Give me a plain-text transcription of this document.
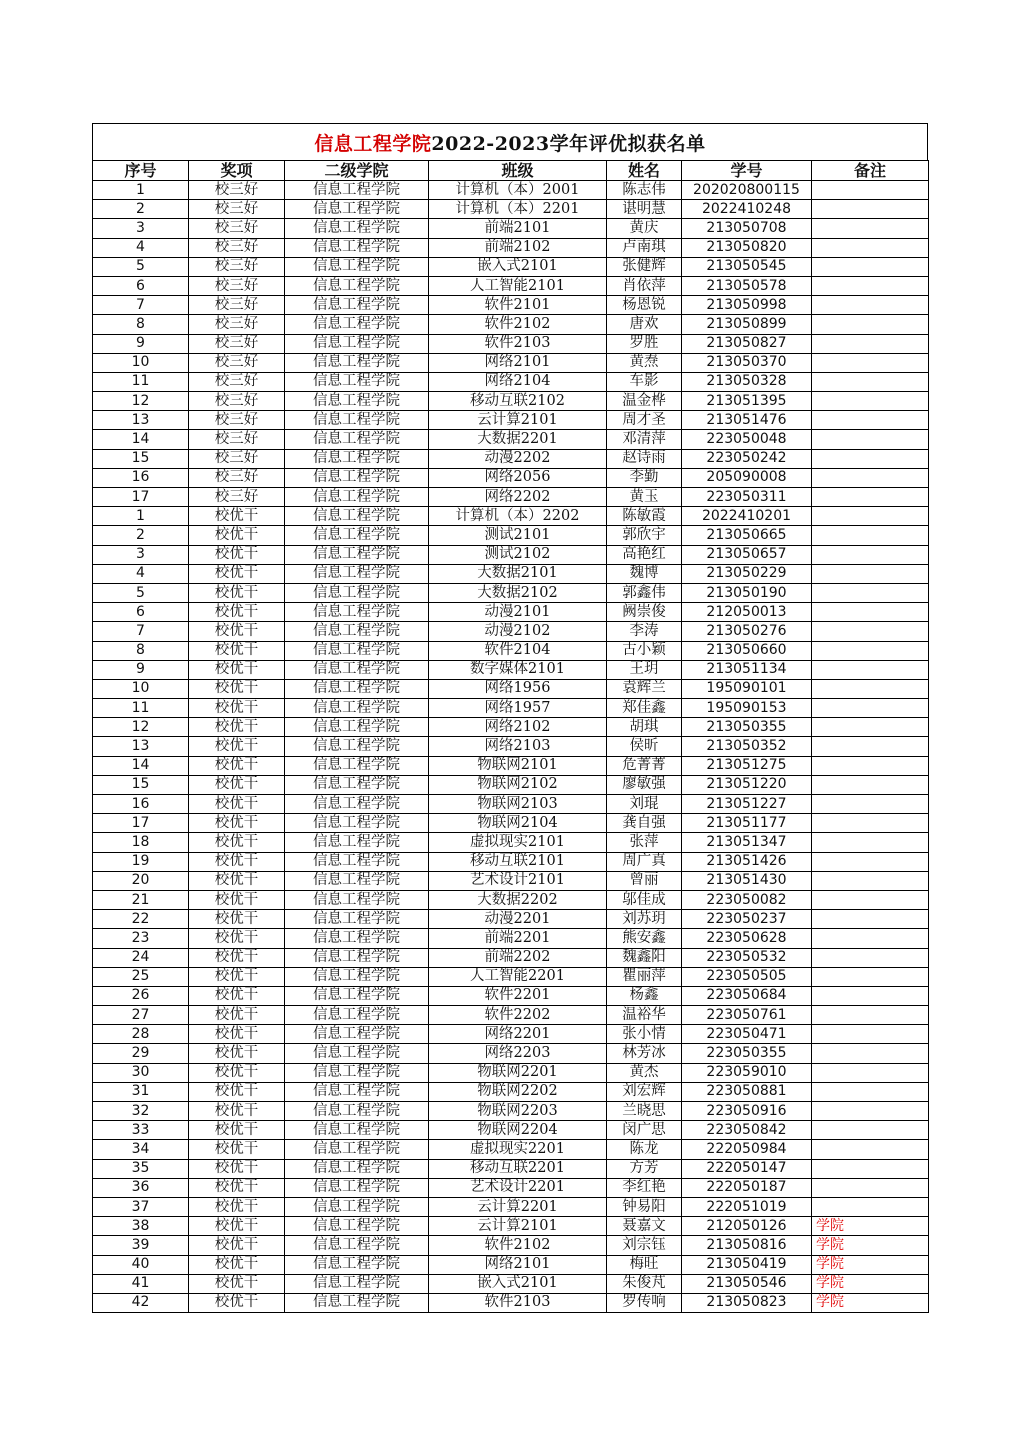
信息工程学院 2022-2023学年评优拟获名单
序号	奖项	二级学院	班级	姓名	学号	备注
1	校三好	信息工程学院	计算机（本）2001	陈志伟	202020800115	
2	校三好	信息工程学院	计算机（本）2201	谌明慧	2022410248	
3	校三好	信息工程学院	前端2101	黄庆	213050708	
4	校三好	信息工程学院	前端2102	卢南琪	213050820	
5	校三好	信息工程学院	嵌入式2101	张健辉	213050545	
6	校三好	信息工程学院	人工智能2101	肖依萍	213050578	
7	校三好	信息工程学院	软件2101	杨恩锐	213050998	
8	校三好	信息工程学院	软件2102	唐欢	213050899	
9	校三好	信息工程学院	软件2103	罗胜	213050827	
10	校三好	信息工程学院	网络2101	黄焘	213050370	
11	校三好	信息工程学院	网络2104	车影	213050328	
12	校三好	信息工程学院	移动互联2102	温金桦	213051395	
13	校三好	信息工程学院	云计算2101	周才圣	213051476	
14	校三好	信息工程学院	大数据2201	邓清萍	223050048	
15	校三好	信息工程学院	动漫2202	赵诗雨	223050242	
16	校三好	信息工程学院	网络2056	李勤	205090008	
17	校三好	信息工程学院	网络2202	黄玉	223050311	
1	校优干	信息工程学院	计算机（本）2202	陈敏霞	2022410201	
2	校优干	信息工程学院	测试2101	郭欣宇	213050665	
3	校优干	信息工程学院	测试2102	高艳红	213050657	
4	校优干	信息工程学院	大数据2101	魏博	213050229	
5	校优干	信息工程学院	大数据2102	郭鑫伟	213050190	
6	校优干	信息工程学院	动漫2101	阙崇俊	212050013	
7	校优干	信息工程学院	动漫2102	李涛	213050276	
8	校优干	信息工程学院	软件2104	古小颖	213050660	
9	校优干	信息工程学院	数字媒体2101	王玥	213051134	
10	校优干	信息工程学院	网络1956	袁辉兰	195090101	
11	校优干	信息工程学院	网络1957	郑佳鑫	195090153	
12	校优干	信息工程学院	网络2102	胡琪	213050355	
13	校优干	信息工程学院	网络2103	侯昕	213050352	
14	校优干	信息工程学院	物联网2101	危菁菁	213051275	
15	校优干	信息工程学院	物联网2102	廖敏强	213051220	
16	校优干	信息工程学院	物联网2103	刘琨	213051227	
17	校优干	信息工程学院	物联网2104	龚自强	213051177	
18	校优干	信息工程学院	虚拟现实2101	张萍	213051347	
19	校优干	信息工程学院	移动互联2101	周广真	213051426	
20	校优干	信息工程学院	艺术设计2101	曾丽	213051430	
21	校优干	信息工程学院	大数据2202	邬佳成	223050082	
22	校优干	信息工程学院	动漫2201	刘苏玥	223050237	
23	校优干	信息工程学院	前端2201	熊安鑫	223050628	
24	校优干	信息工程学院	前端2202	魏鑫阳	223050532	
25	校优干	信息工程学院	人工智能2201	瞿丽萍	223050505	
26	校优干	信息工程学院	软件2201	杨鑫	223050684	
27	校优干	信息工程学院	软件2202	温裕华	223050761	
28	校优干	信息工程学院	网络2201	张小情	223050471	
29	校优干	信息工程学院	网络2203	林芳冰	223050355	
30	校优干	信息工程学院	物联网2201	黄杰	223059010	
31	校优干	信息工程学院	物联网2202	刘宏辉	223050881	
32	校优干	信息工程学院	物联网2203	兰晓思	223050916	
33	校优干	信息工程学院	物联网2204	闵广思	223050842	
34	校优干	信息工程学院	虚拟现实2201	陈龙	222050984	
35	校优干	信息工程学院	移动互联2201	方芳	222050147	
36	校优干	信息工程学院	艺术设计2201	李红艳	222050187	
37	校优干	信息工程学院	云计算2201	钟易阳	222051019	
38	校优干	信息工程学院	云计算2101	聂嘉文	212050126	学院
39	校优干	信息工程学院	软件2102	刘宗钰	213050816	学院
40	校优干	信息工程学院	网络2101	梅旺	213050419	学院
41	校优干	信息工程学院	嵌入式2101	朱俊芃	213050546	学院
42	校优干	信息工程学院	软件2103	罗传响	213050823	学院
